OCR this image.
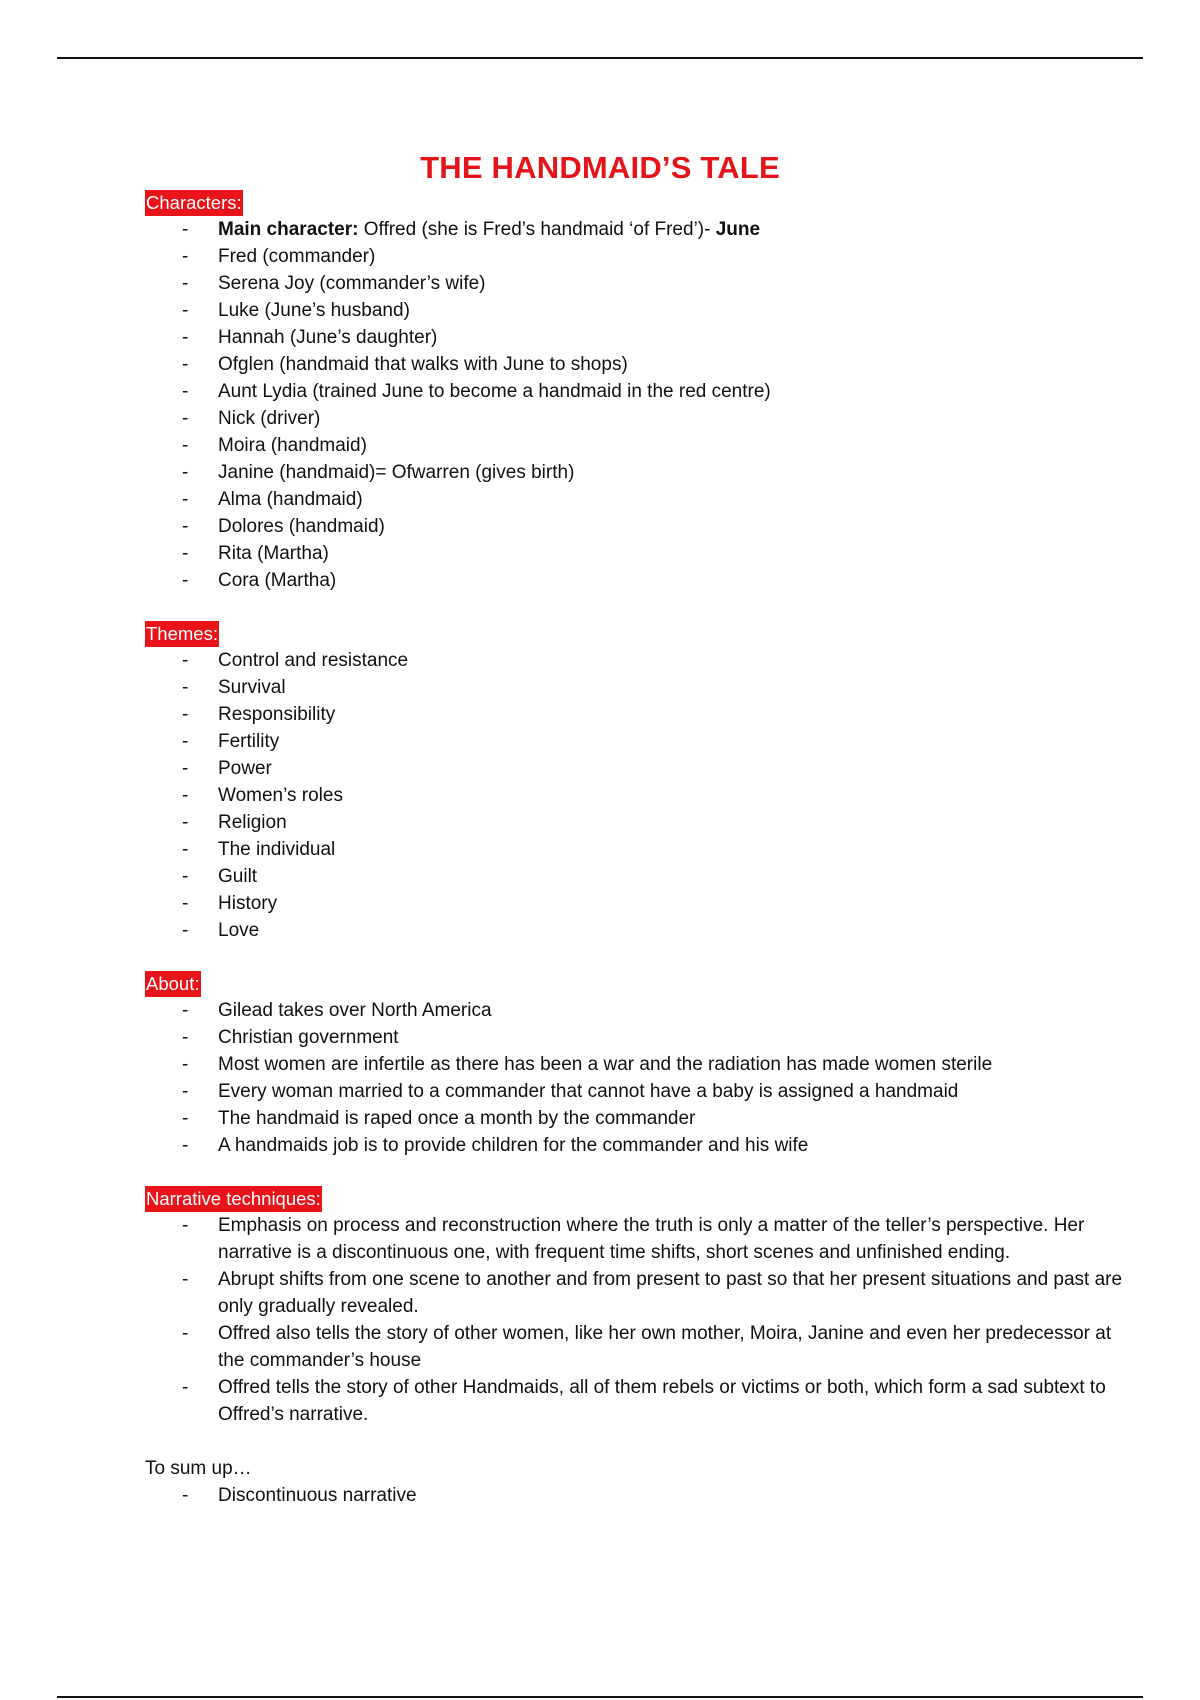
THE HANDMAID’S TALE
Characters:
- Main character: Offred (she is Fred’s handmaid ‘of Fred’)- June
- Fred (commander)
- Serena Joy (commander’s wife)
- Luke (June’s husband)
- Hannah (June’s daughter)
- Ofglen (handmaid that walks with June to shops)
- Aunt Lydia (trained June to become a handmaid in the red centre)
- Nick (driver)
- Moira (handmaid)
- Janine (handmaid)= Ofwarren (gives birth)
- Alma (handmaid)
- Dolores (handmaid)
- Rita (Martha)
- Cora (Martha)
Themes:
- Control and resistance
- Survival
- Responsibility
- Fertility
- Power
- Women’s roles
- Religion
- The individual
- Guilt
- History
- Love
About:
- Gilead takes over North America
- Christian government
- Most women are infertile as there has been a war and the radiation has made women sterile
- Every woman married to a commander that cannot have a baby is assigned a handmaid
- The handmaid is raped once a month by the commander
- A handmaids job is to provide children for the commander and his wife
Narrative techniques:
- Emphasis on process and reconstruction where the truth is only a matter of the teller’s perspective. Her narrative is a discontinuous one, with frequent time shifts, short scenes and unfinished ending.
- Abrupt shifts from one scene to another and from present to past so that her present situations and past are only gradually revealed.
- Offred also tells the story of other women, like her own mother, Moira, Janine and even her predecessor at the commander’s house
- Offred tells the story of other Handmaids, all of them rebels or victims or both, which form a sad subtext to Offred’s narrative.
To sum up…
- Discontinuous narrative
